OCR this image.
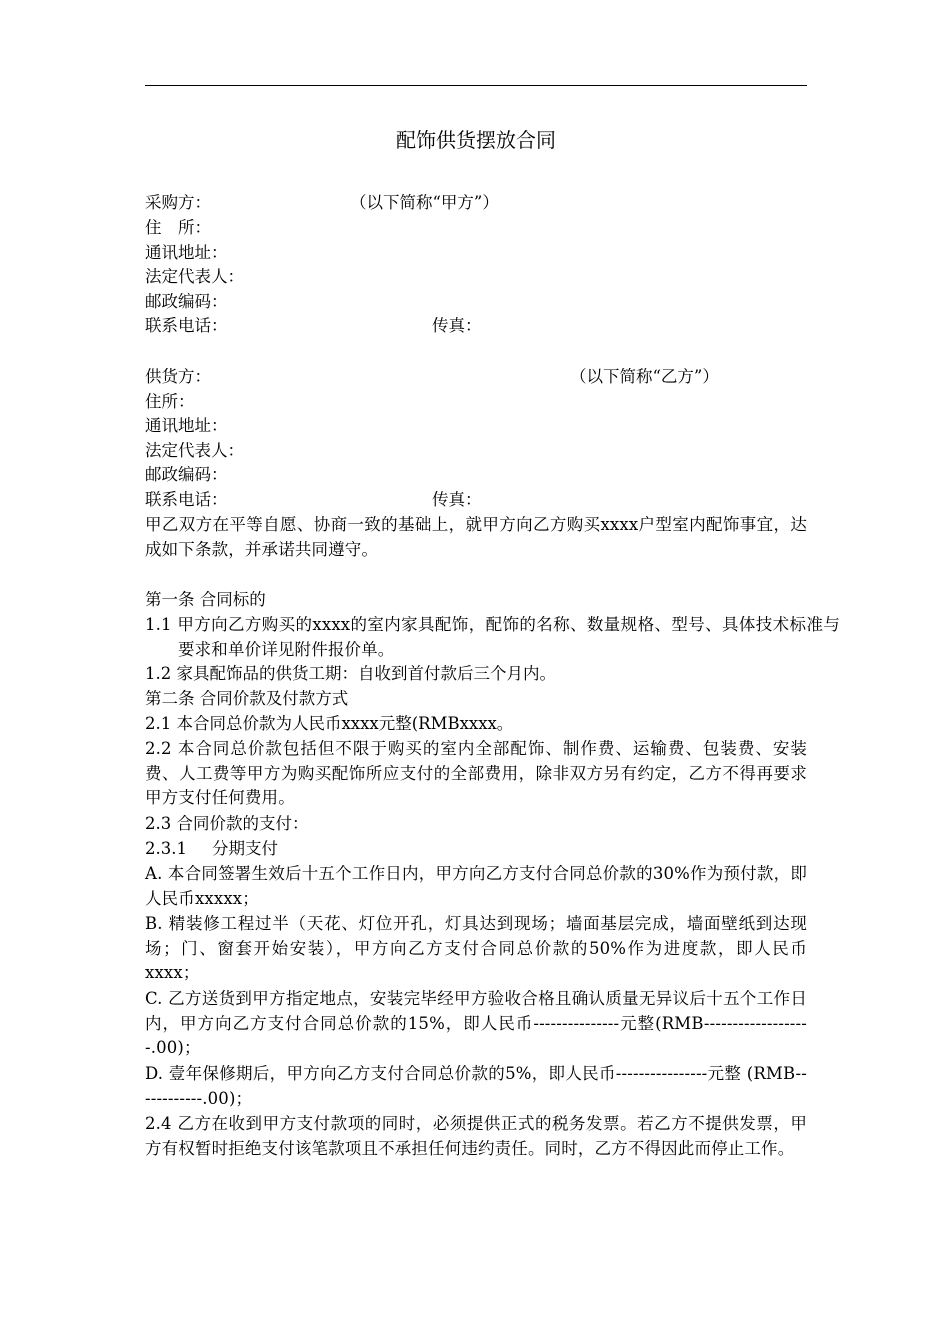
配饰供货摆放合同
采购方：	（以下简称“甲方”）
住　所：
通讯地址：
法定代表人：
邮政编码：
联系电话：	传真：
供货方：	（以下简称“乙方”）
住所：
通讯地址：
法定代表人：
邮政编码：
联系电话：	传真：
甲乙双方在平等自愿、协商一致的基础上，就甲方向乙方购买xxxx户型室内配饰事宜，达成如下条款，并承诺共同遵守。
第一条 合同标的
1.1 甲方向乙方购买的xxxx的室内家具配饰，配饰的名称、数量规格、型号、具体技术标准与要求和单价详见附件报价单。
1.2 家具配饰品的供货工期：自收到首付款后三个月内。
第二条 合同价款及付款方式
2.1 本合同总价款为人民币xxxx元整(RMBxxxx。
2.2 本合同总价款包括但不限于购买的室内全部配饰、制作费、运输费、包装费、安装费、人工费等甲方为购买配饰所应支付的全部费用，除非双方另有约定，乙方不得再要求甲方支付任何费用。
2.3 合同价款的支付：
2.3.1 分期支付
A. 本合同签署生效后十五个工作日内，甲方向乙方支付合同总价款的30%作为预付款，即人民币xxxxx；
B. 精装修工程过半（天花、灯位开孔，灯具达到现场；墙面基层完成，墙面壁纸到达现场；门、窗套开始安装），甲方向乙方支付合同总价款的50%作为进度款，即人民币xxxx；
C. 乙方送货到甲方指定地点，安装完毕经甲方验收合格且确认质量无异议后十五个工作日内，甲方向乙方支付合同总价款的15%，即人民币---------------元整(RMB-------------------.00)；
D. 壹年保修期后，甲方向乙方支付合同总价款的5%，即人民币----------------元整 (RMB------------.00)；
2.4 乙方在收到甲方支付款项的同时，必须提供正式的税务发票。若乙方不提供发票，甲方有权暂时拒绝支付该笔款项且不承担任何违约责任。同时，乙方不得因此而停止工作。
